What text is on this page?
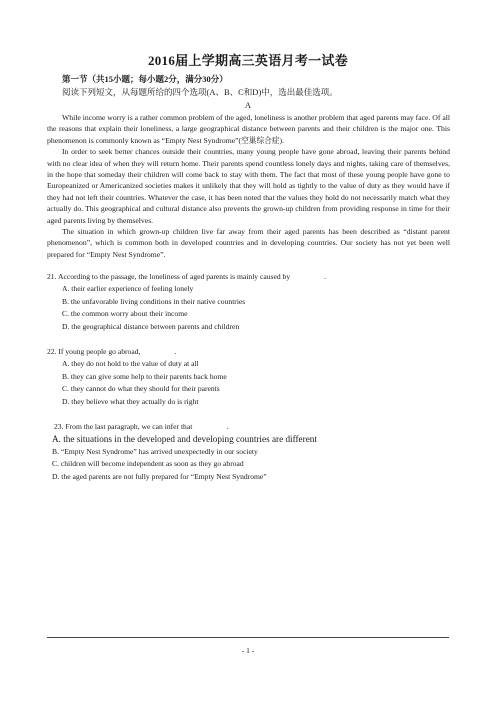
2016届上学期高三英语月考一试卷
第一节（共15小题；每小题2分，满分30分）
阅读下列短文，从每题所给的四个选项(A、B、C和D)中，选出最佳选项。
A

While income worry is a rather common problem of the aged, loneliness is another problem that aged parents may face. Of all the reasons that explain their loneliness, a large geographical distance between parents and their children is the major one. This phenomenon is commonly known as “Empty Nest Syndrome”(空巢综合症).

In order to seek better chances outside their countries, many young people have gone abroad, leaving their parents behind with no clear idea of when they will return home. Their parents spend countless lonely days and nights, taking care of themselves, in the hope that someday their children will come back to stay with them. The fact that most of these young people have gone to Europeanized or Americanized societies makes it unlikely that they will hold as tightly to the value of duty as they would have if they had not left their countries. Whatever the case, it has been noted that the values they hold do not necessarily match what they actually do. This geographical and cultural distance also prevents the grown-up children from providing response in time for their aged parents living by themselves.

The situation in which grown-up children live far away from their aged parents has been described as “distant parent phenomenon”, which is common both in developed countries and in developing countries. Our society has not yet been well prepared for “Empty Nest Syndrome”.

21. According to the passage, the loneliness of aged parents is mainly caused by	.

A. their earlier experience of feeling lonely

B. the unfavorable living conditions in their native countries

C. the common worry about their income

D. the geographical distance between parents and children

22. If young people go abroad,	.

A. they do not hold to the value of duty at all

B. they can give some help to their parents back home

C. they cannot do what they should for their parents

D. they believe what they actually do is right

23. From the last paragraph, we can infer that	.

A. the situations in the developed and developing countries are different

B. “Empty Nest Syndrome” has arrived unexpectedly in our society

C. children will become independent as soon as they go abroad

D. the aged parents are not fully prepared for “Empty Nest Syndrome”

- 1 -
